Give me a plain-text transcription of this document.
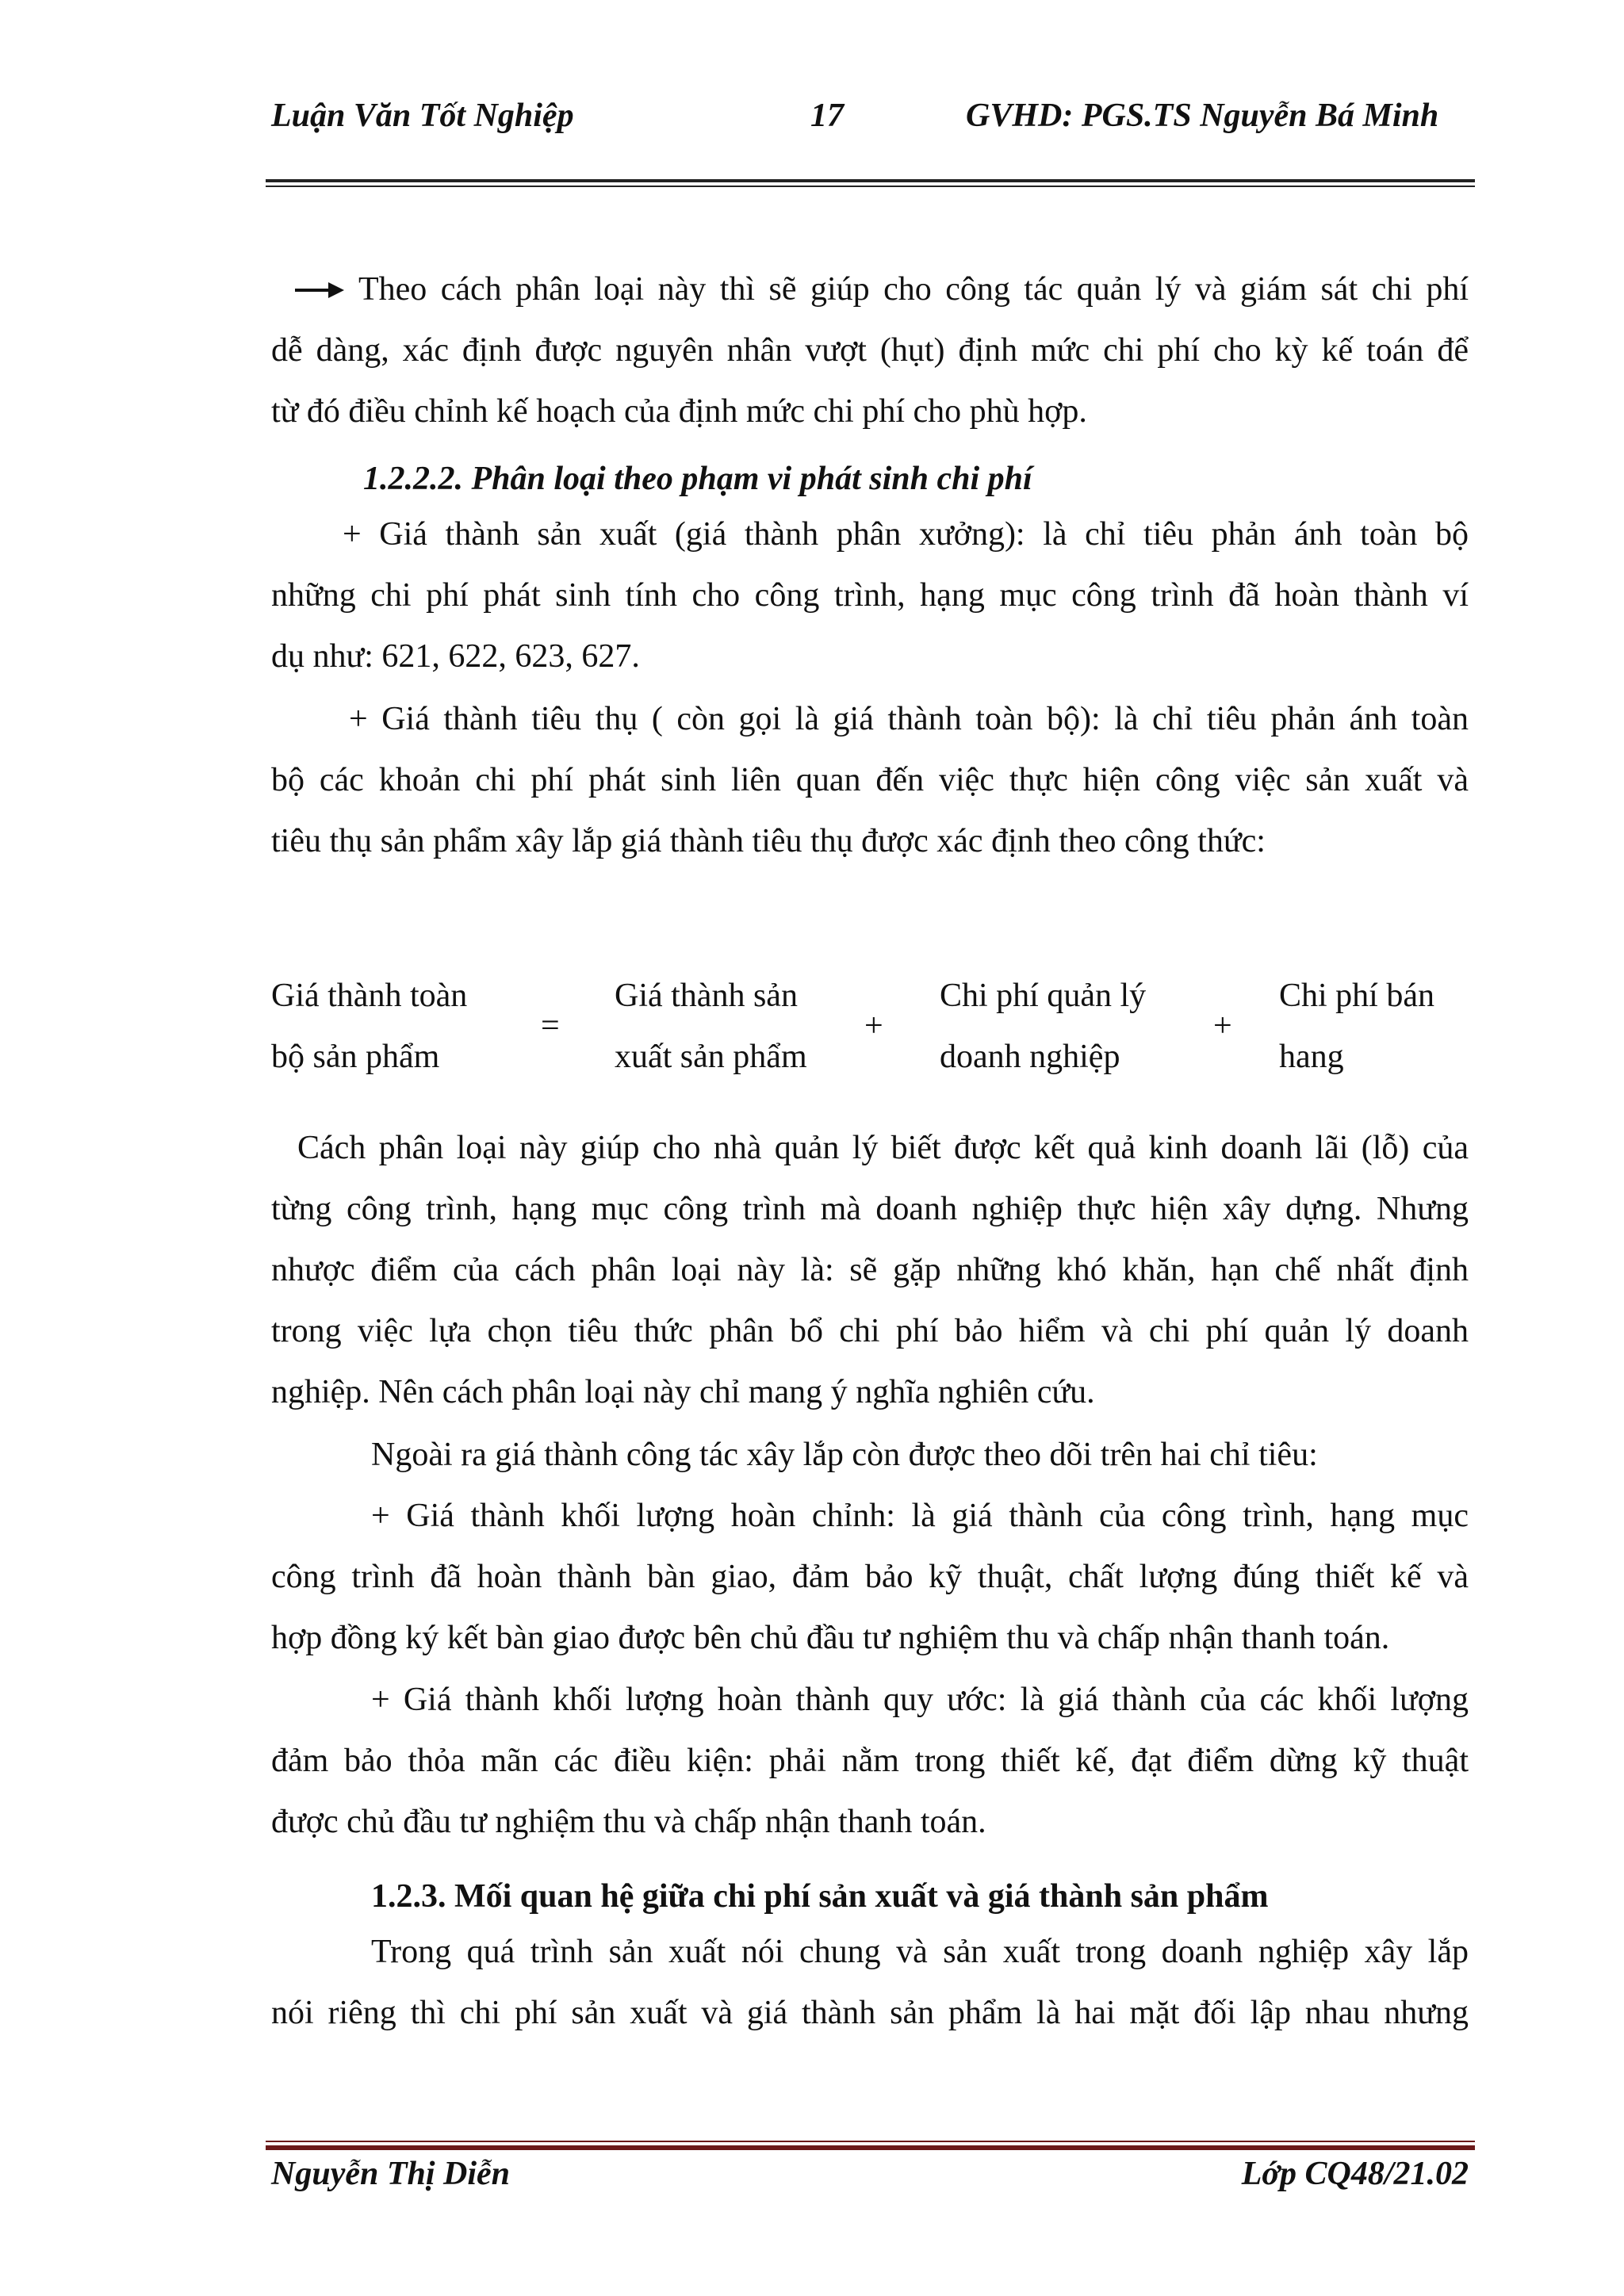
Luận Văn Tốt Nghiệp	17	GVHD: PGS.TS Nguyễn Bá Minh

Theo cách phân loại này thì sẽ giúp cho công tác quản lý và giám sát chi phí

dễ dàng, xác định được nguyên nhân vượt (hụt) định mức chi phí cho kỳ kế toán để

từ đó điều chỉnh kế hoạch của định mức chi phí cho phù hợp.

1.2.2.2. Phân loại theo phạm vi phát sinh chi phí

+ Giá thành sản xuất (giá thành phân xưởng): là chỉ tiêu phản ánh toàn bộ

những chi phí phát sinh tính cho công trình, hạng mục công trình đã hoàn thành ví

dụ như: 621, 622, 623, 627.

+ Giá thành tiêu thụ ( còn gọi là giá thành toàn bộ): là chỉ tiêu phản ánh toàn

bộ các khoản chi phí phát sinh liên quan đến việc thực hiện công việc sản xuất và

tiêu thụ sản phẩm xây lắp giá thành tiêu thụ được xác định theo công thức:

Giá thành toàn
bộ sản phẩm
=
Giá thành sản
xuất sản phẩm
+
Chi phí quản lý
doanh nghiệp
+
Chi phí bán
hang

Cách phân loại này giúp cho nhà quản lý biết được kết quả kinh doanh lãi (lỗ) của

từng công trình, hạng mục công trình mà doanh nghiệp thực hiện xây dựng. Nhưng

nhược điểm của cách phân loại này là: sẽ gặp những khó khăn, hạn chế nhất định

trong việc lựa chọn tiêu thức phân bổ chi phí bảo hiểm và chi phí quản lý doanh

nghiệp. Nên cách phân loại này chỉ mang ý nghĩa nghiên cứu.

Ngoài ra giá thành công tác xây lắp còn được theo dõi trên hai chỉ tiêu:

+ Giá thành khối lượng hoàn chỉnh: là giá thành của công trình, hạng mục

công trình đã hoàn thành bàn giao, đảm bảo kỹ thuật, chất lượng đúng thiết kế và

hợp đồng ký kết bàn giao được bên chủ đầu tư nghiệm thu và chấp nhận thanh toán.

+ Giá thành khối lượng hoàn thành quy ước: là giá thành của các khối lượng

đảm bảo thỏa mãn các điều kiện: phải nằm trong thiết kế, đạt điểm dừng kỹ thuật

được chủ đầu tư nghiệm thu và chấp nhận thanh toán.

1.2.3. Mối quan hệ giữa chi phí sản xuất và giá thành sản phẩm

Trong quá trình sản xuất nói chung và sản xuất trong doanh nghiệp xây lắp

nói riêng thì chi phí sản xuất và giá thành sản phẩm là hai mặt đối lập nhau nhưng

Nguyễn Thị Diễn	Lớp CQ48/21.02
